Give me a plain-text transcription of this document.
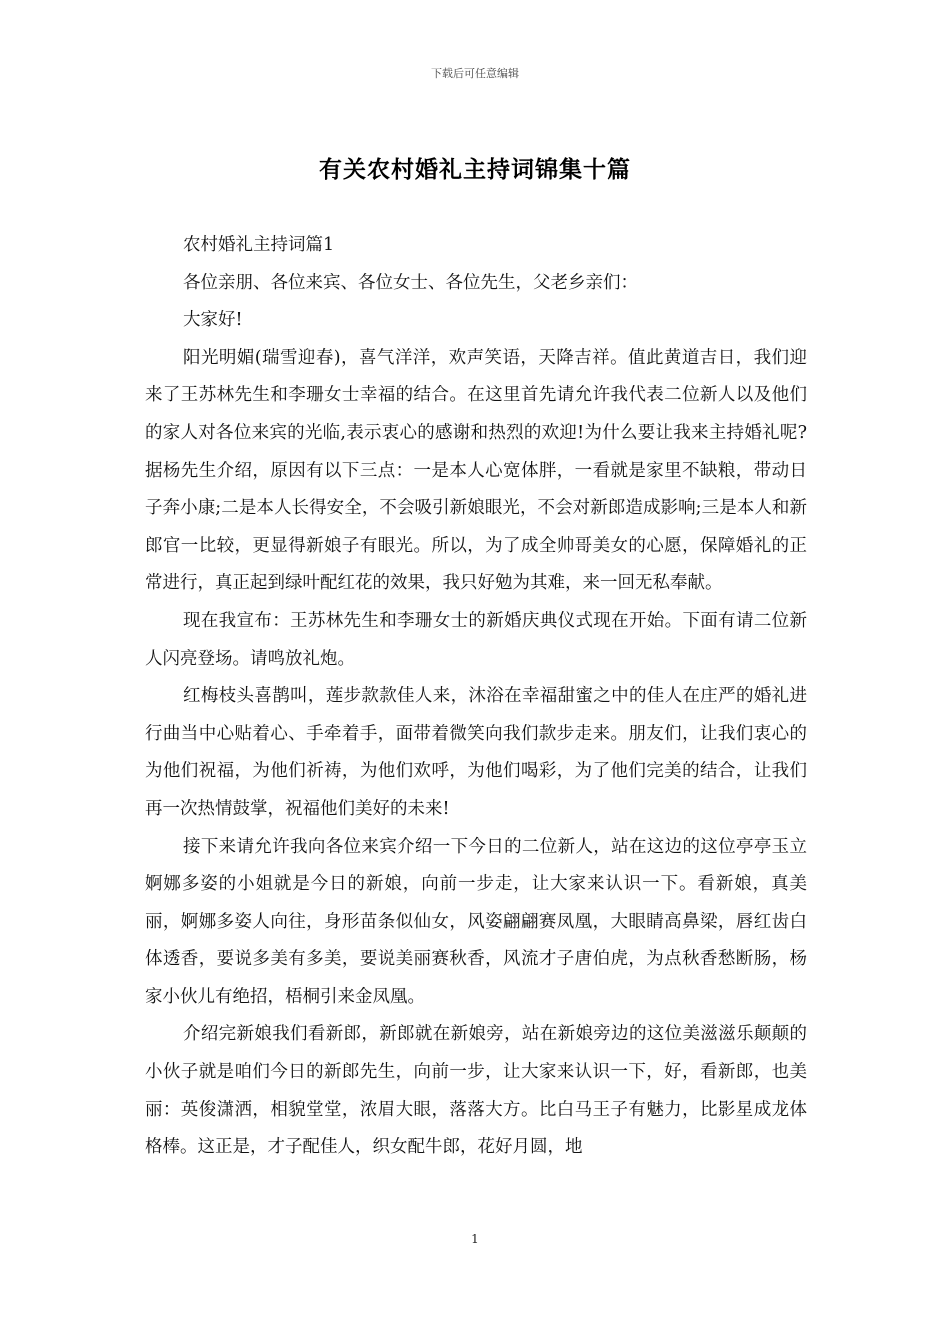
下载后可任意编辑
有关农村婚礼主持词锦集十篇

农村婚礼主持词篇1

各位亲朋、各位来宾、各位女士、各位先生，父老乡亲们：

大家好!

阳光明媚(瑞雪迎春)，喜气洋洋，欢声笑语，天降吉祥。值此黄道吉日，我们迎来了王苏林先生和李珊女士幸福的结合。在这里首先请允许我代表二位新人以及他们的家人对各位来宾的光临,表示衷心的感谢和热烈的欢迎!为什么要让我来主持婚礼呢?据杨先生介绍，原因有以下三点：一是本人心宽体胖，一看就是家里不缺粮，带动日子奔小康;二是本人长得安全，不会吸引新娘眼光，不会对新郎造成影响;三是本人和新郎官一比较，更显得新娘子有眼光。所以，为了成全帅哥美女的心愿，保障婚礼的正常进行，真正起到绿叶配红花的效果，我只好勉为其难，来一回无私奉献。

现在我宣布：王苏林先生和李珊女士的新婚庆典仪式现在开始。下面有请二位新人闪亮登场。请鸣放礼炮。

红梅枝头喜鹊叫，莲步款款佳人来，沐浴在幸福甜蜜之中的佳人在庄严的婚礼进行曲当中心贴着心、手牵着手，面带着微笑向我们款步走来。朋友们，让我们衷心的为他们祝福，为他们祈祷，为他们欢呼，为他们喝彩，为了他们完美的结合，让我们再一次热情鼓掌，祝福他们美好的未来!

接下来请允许我向各位来宾介绍一下今日的二位新人，站在这边的这位亭亭玉立婀娜多姿的小姐就是今日的新娘，向前一步走，让大家来认识一下。看新娘，真美丽，婀娜多姿人向往，身形苗条似仙女，风姿翩翩赛凤凰，大眼睛高鼻梁，唇红齿白体透香，要说多美有多美，要说美丽赛秋香，风流才子唐伯虎，为点秋香愁断肠，杨家小伙儿有绝招，梧桐引来金凤凰。

介绍完新娘我们看新郎，新郎就在新娘旁，站在新娘旁边的这位美滋滋乐颠颠的小伙子就是咱们今日的新郎先生，向前一步，让大家来认识一下，好，看新郎，也美丽：英俊潇洒，相貌堂堂，浓眉大眼，落落大方。比白马王子有魅力，比影星成龙体格棒。这正是，才子配佳人，织女配牛郎，花好月圆，地

1
